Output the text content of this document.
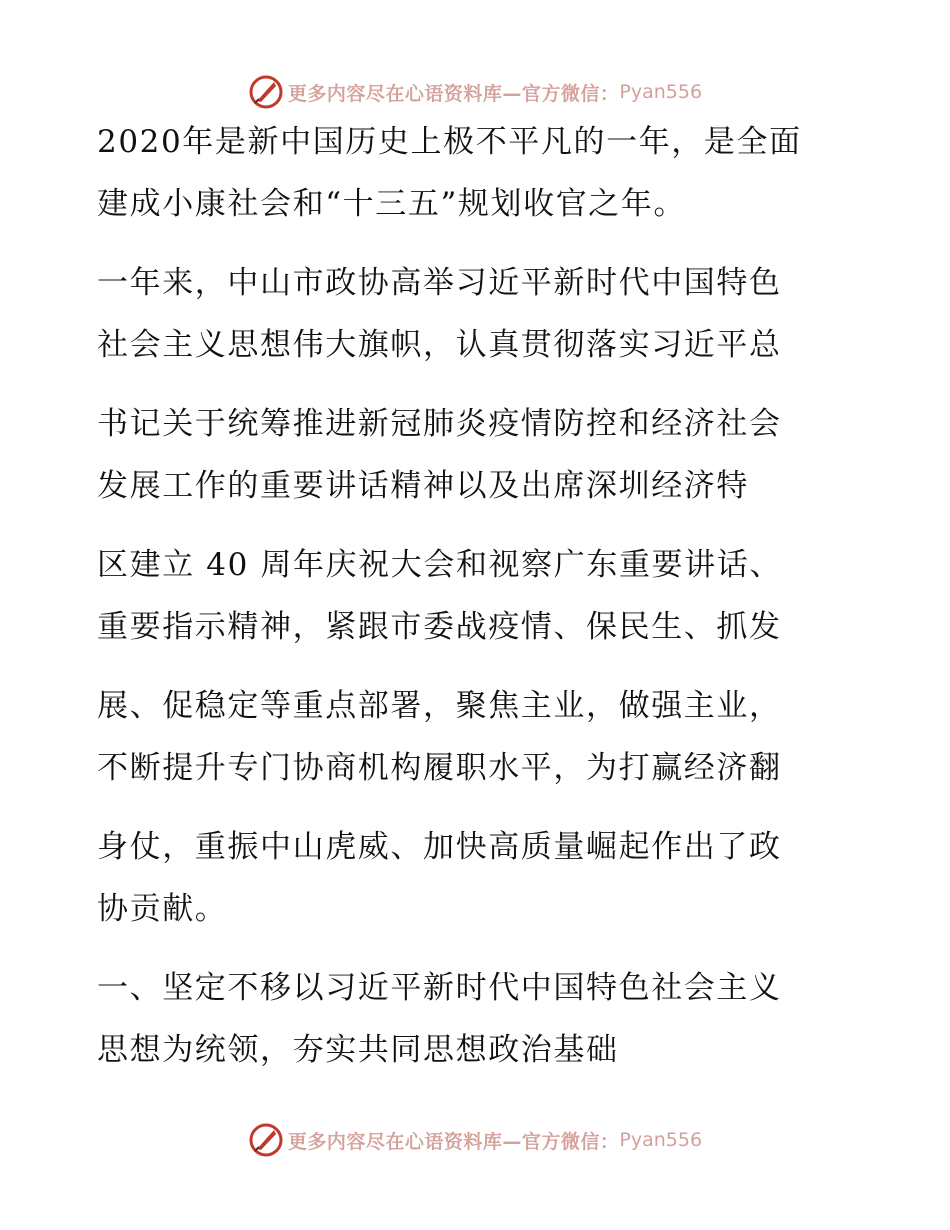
更多内容尽在心语资料库—官方微信： Pyan556

2020年是新中国历史上极不平凡的一年，是全面

建成小康社会和“十三五”规划收官之年。

一年来，中山市政协高举习近平新时代中国特色

社会主义思想伟大旗帜，认真贯彻落实习近平总

书记关于统筹推进新冠肺炎疫情防控和经济社会

发展工作的重要讲话精神以及出席深圳经济特

区建立 40 周年庆祝大会和视察广东重要讲话、

重要指示精神，紧跟市委战疫情、保民生、抓发

展、促稳定等重点部署，聚焦主业，做强主业，

不断提升专门协商机构履职水平，为打赢经济翻

身仗，重振中山虎威、加快高质量崛起作出了政

协贡献。

一、坚定不移以习近平新时代中国特色社会主义

思想为统领，夯实共同思想政治基础

更多内容尽在心语资料库—官方微信： Pyan556
